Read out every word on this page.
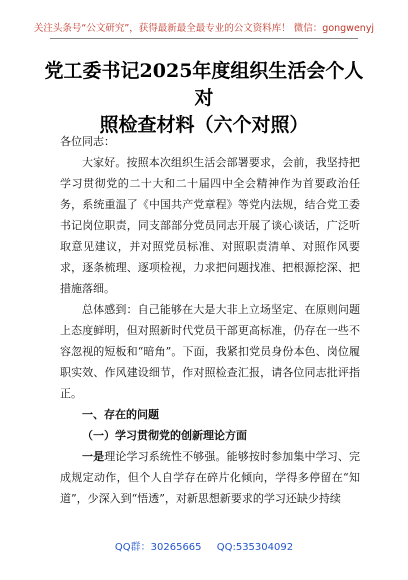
关注头条号“公文研究”，获得最新最全最专业的公文资料库！ 微信：gongwenyj
党工委书记2025年度组织生活会个人对
照检查材料（六个对照）

各位同志：

大家好。按照本次组织生活会部署要求，会前，我坚持把学习贯彻党的二十大和二十届四中全会精神作为首要政治任务，系统重温了《中国共产党章程》等党内法规，结合党工委书记岗位职责，同支部部分党员同志开展了谈心谈话，广泛听取意见建议，并对照党员标准、对照职责清单、对照作风要求，逐条梳理、逐项检视，力求把问题找准、把根源挖深、把措施落细。

总体感到：自己能够在大是大非上立场坚定、在原则问题上态度鲜明，但对照新时代党员干部更高标准，仍存在一些不容忽视的短板和“暗角”。下面，我紧扣党员身份本色、岗位履职实效、作风建设细节，作对照检查汇报，请各位同志批评指正。

一、存在的问题

（一）学习贯彻党的创新理论方面

一是理论学习系统性不够强。能够按时参加集中学习、完成规定动作，但个人自学存在碎片化倾向，学得多停留在“知道”，少深入到“悟透”，对新思想新要求的学习还缺少持续

QQ群：30265665 QQ:535304092
